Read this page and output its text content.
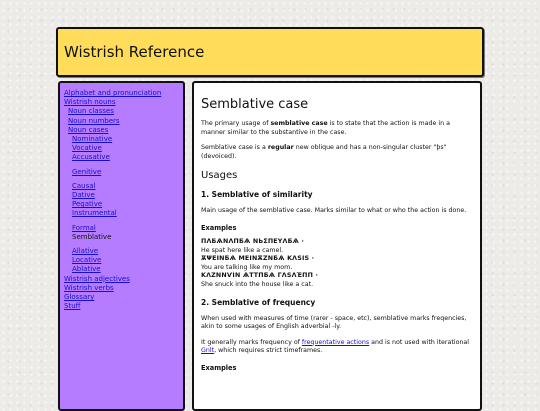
Wistrish Reference
Alphabet and pronunciation
Wistrish nouns
Noun classes
Noun numbers
Noun cases
Nominative
Vocative
Accusative
Genitive
Causal
Dative
Pegative
Instrumental
Formal
Semblative
Allative
Locative
Ablative
Wistrish adjectives
Wistrish verbs
Glossary
Stuff
Semblative case

The primary usage of semblative case is to state that the action is made in a manner similar to the substantive in the case.

Semblative case is a regular new oblique and has a non-singular cluster "þs" (devoiced).

Usages
1. Semblative of similarity

Main usage of the semblative case. Marks similar to what or who the action is done.

Examples
ПΛБѦΝΛΠБѦ ΝЬΣΠΕΥΛБѦ ·
He spat here like a camel.
ѪΨΕΙΝБѦ ΜΕΙΝѪΖΝБѦ ΚΛЅΙЅ ·
You are talking like my mom.
ΚΛΖΝΝѴΙΝ ѦΤΤΠБѦ ΓΛЅΛΈΠΠ ·
She snuck into the house like a cat.
2. Semblative of frequency

When used with measures of time (rarer - space, etc), semblative marks freqencies, akin to some usages of English adverbial -ly.

It generally marks frequency of frequentative actions and is not used with iterational Gnlt, which requires strict timeframes.

Examples
